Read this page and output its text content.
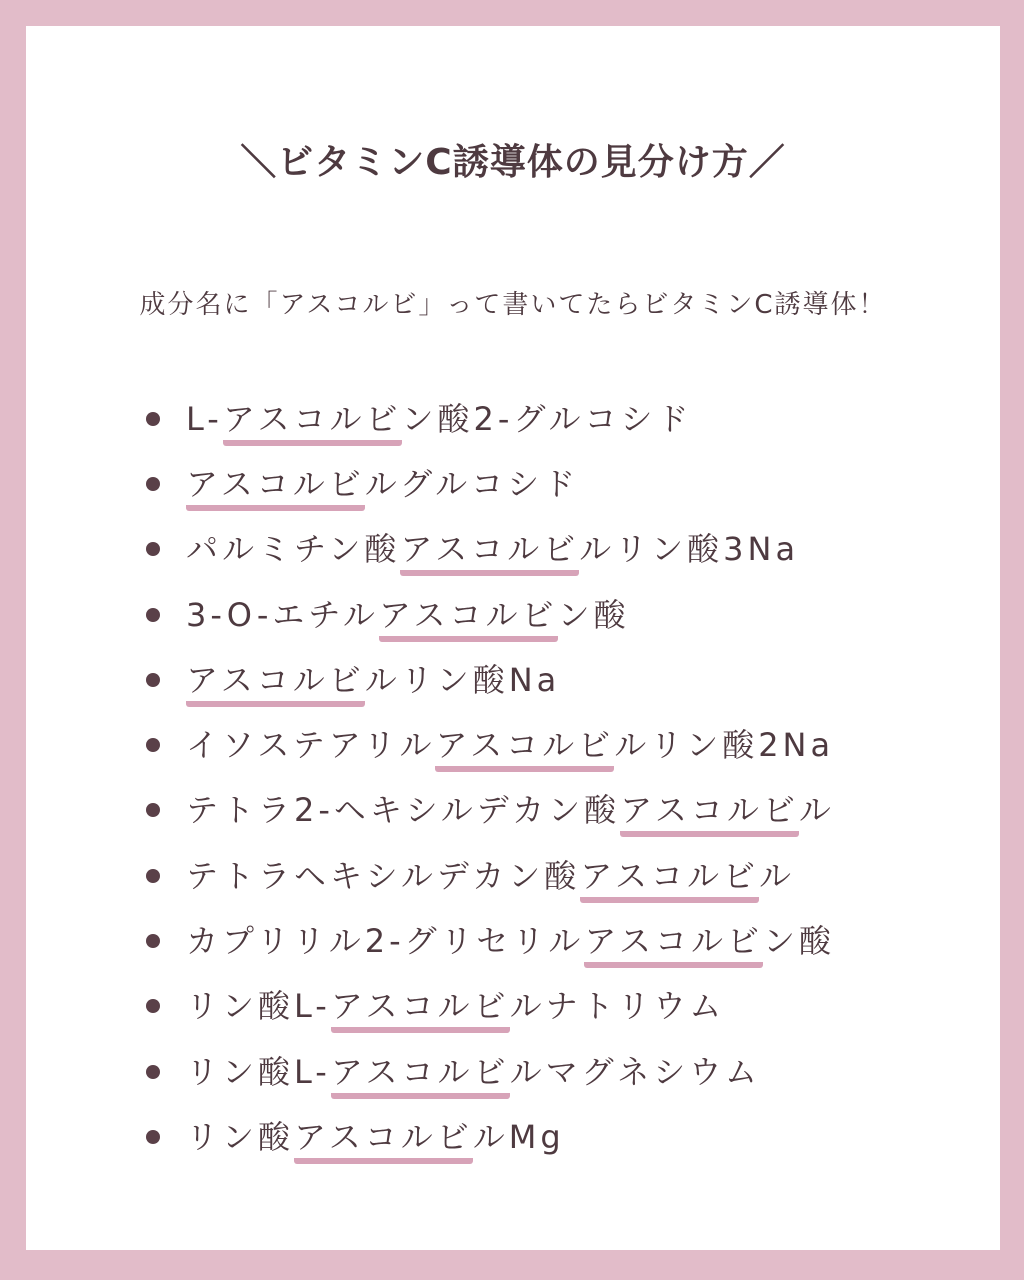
＼ビタミンC誘導体の見分け方／
成分名に「アスコルビ」って書いてたらビタミンC誘導体！
L-アスコルビン酸2-グルコシド
アスコルビルグルコシド
パルミチン酸アスコルビルリン酸3Na
3-O-エチルアスコルビン酸
アスコルビルリン酸Na
イソステアリルアスコルビルリン酸2Na
テトラ2-ヘキシルデカン酸アスコルビル
テトラヘキシルデカン酸アスコルビル
カプリリル2-グリセリルアスコルビン酸
リン酸L-アスコルビルナトリウム
リン酸L-アスコルビルマグネシウム
リン酸アスコルビルMg
